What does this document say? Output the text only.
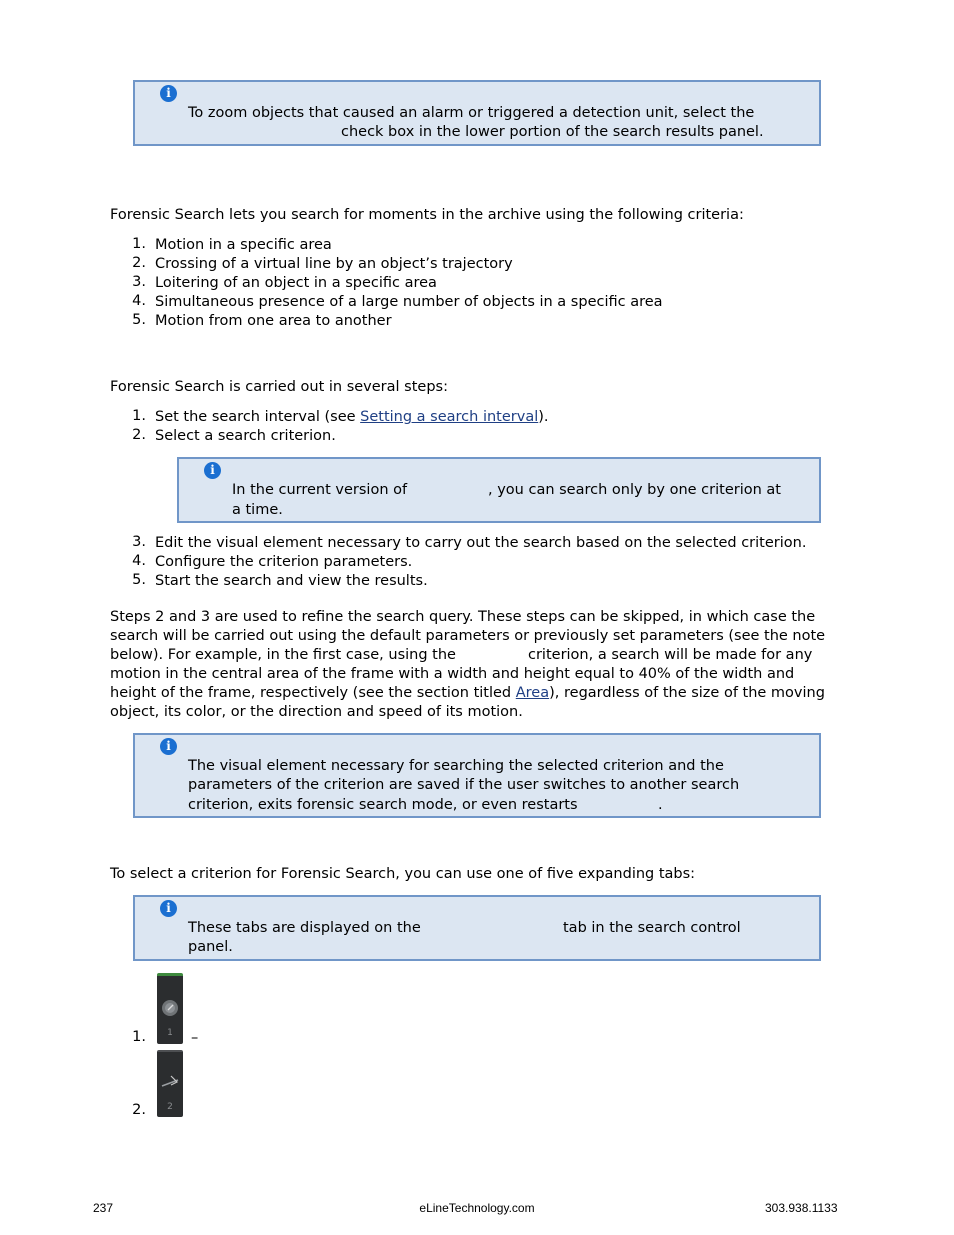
i
To zoom objects that caused an alarm or triggered a detection unit, select the
check box in the lower portion of the search results panel.
Forensic Search lets you search for moments in the archive using the following criteria:
1. Motion in a specific area
2. Crossing of a virtual line by an object’s trajectory
3. Loitering of an object in a specific area
4. Simultaneous presence of a large number of objects in a specific area
5. Motion from one area to another
Forensic Search is carried out in several steps:
1. Set the search interval (see Setting a search interval).
2. Select a search criterion.
i
In the current version of	, you can search only by one criterion at
a time.
3. Edit the visual element necessary to carry out the search based on the selected criterion.
4. Configure the criterion parameters.
5. Start the search and view the results.
Steps 2 and 3 are used to refine the search query. These steps can be skipped, in which case the
search will be carried out using the default parameters or previously set parameters (see the note
below). For example, in the first case, using the	criterion, a search will be made for any
motion in the central area of the frame with a width and height equal to 40% of the width and
height of the frame, respectively (see the section titled Area), regardless of the size of the moving
object, its color, or the direction and speed of its motion.
i
The visual element necessary for searching the selected criterion and the
parameters of the criterion are saved if the user switches to another search
criterion, exits forensic search mode, or even restarts	.
To select a criterion for Forensic Search, you can use one of five expanding tabs:
i
These tabs are displayed on the	tab in the search control
panel.
1.	1	–
2.	2
237	eLineTechnology.com	303.938.1133
